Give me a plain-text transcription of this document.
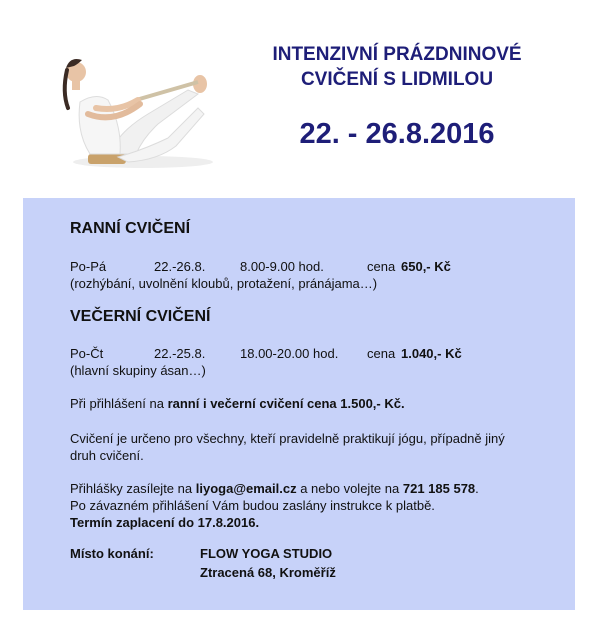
INTENZIVNÍ PRÁZDNINOVÉ
CVIČENÍ S LIDMILOU
22. - 26.8.2016
RANNÍ CVIČENÍ
Po-Pá	22.-26.8.	8.00-9.00 hod.	cena 650,- Kč
(rozhýbání, uvolnění kloubů, protažení, pránájama…)
VEČERNÍ CVIČENÍ
Po-Čt	22.-25.8.	18.00-20.00 hod. cena 1.040,- Kč
(hlavní skupiny ásan…)
Při přihlášení na ranní i večerní cvičení cena 1.500,- Kč.
Cvičení je určeno pro všechny, kteří pravidelně praktikují jógu, případně jiný
druh cvičení.
Přihlášky zasílejte na liyoga@email.cz a nebo volejte na 721 185 578.
Po závazném přihlášení Vám budou zaslány instrukce k platbě.
Termín zaplacení do 17.8.2016.
Místo konání:	FLOW YOGA STUDIO
Ztracená 68, Kroměříž
